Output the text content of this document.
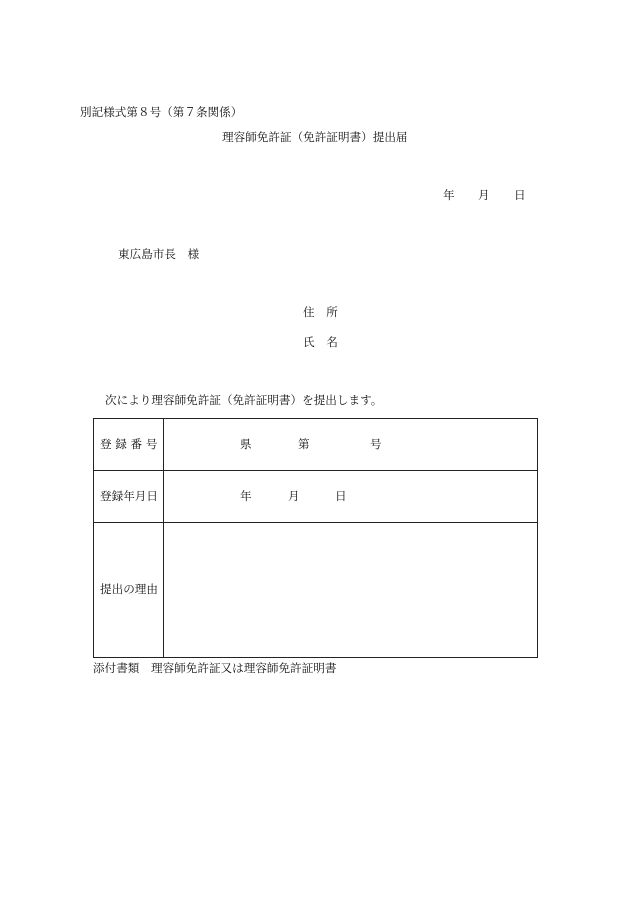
別記様式第８号（第７条関係）
理容師免許証（免許証明書）提出届
年 月 日
東広島市長　様
住　所
氏　名
次により理容師免許証（免許証明書）を提出します。
登 録 番 号	県	第	号
登録年月日	年	月	日
提出の理由
添付書類　理容師免許証又は理容師免許証明書
